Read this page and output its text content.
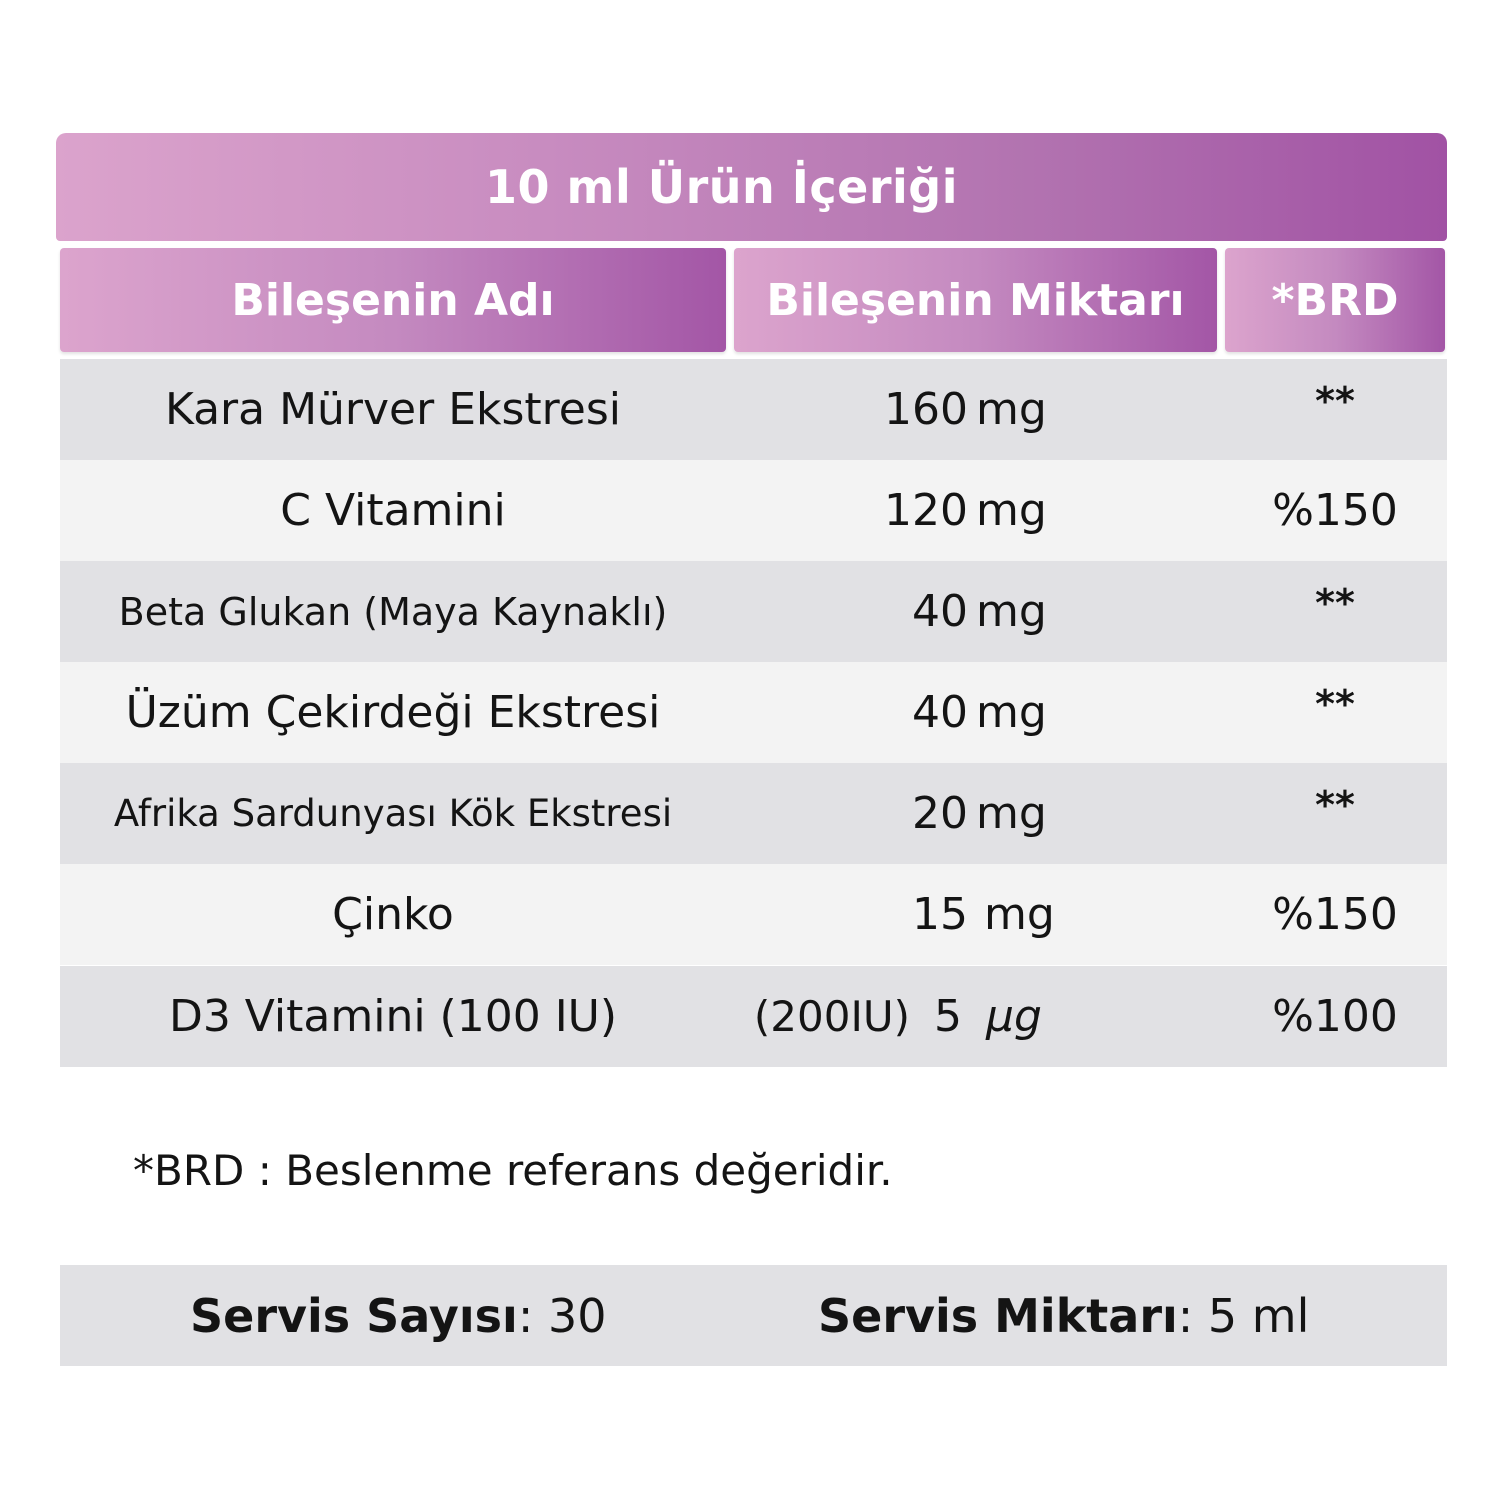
10 ml Ürün İçeriği
Bileşenin Adı	Bileşenin Miktarı	*BRD
Kara Mürver Ekstresi	160 mg	**
C Vitamini	120 mg	%150
Beta Glukan (Maya Kaynaklı)	40 mg	**
Üzüm Çekirdeği Ekstresi	40 mg	**
Afrika Sardunyası Kök Ekstresi	20 mg	**
Çinko	15 mg	%150
D3 Vitamini (100 IU)	(200IU) 5 µg	%100
*BRD : Beslenme referans değeridir.
Servis Sayısı : 30	Servis Miktarı : 5 ml
